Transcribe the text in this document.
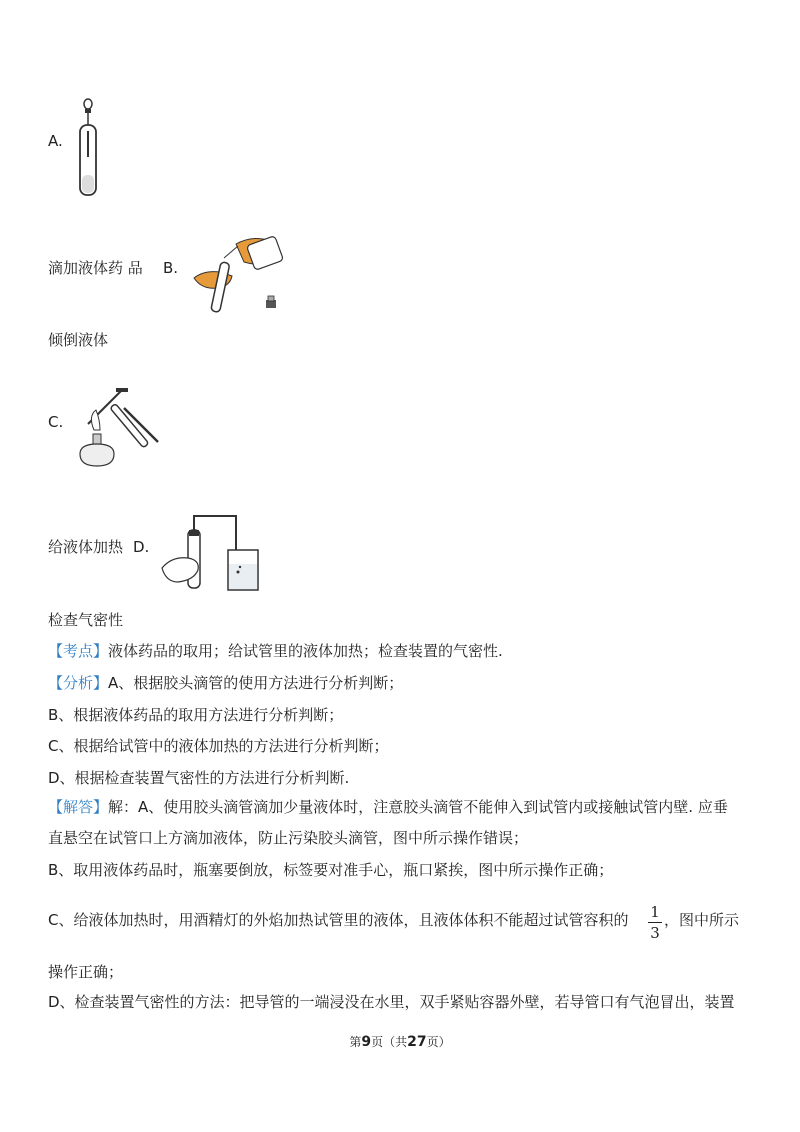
A.
滴加液体药 品 B.
倾倒液体
C.
给液体加热 D.
检查气密性
【考点】液体药品的取用；给试管里的液体加热；检查装置的气密性.
【分析】A、根据胶头滴管的使用方法进行分析判断；
B、根据液体药品的取用方法进行分析判断；
C、根据给试管中的液体加热的方法进行分析判断；
D、根据检查装置气密性的方法进行分析判断.
【解答】解：A、使用胶头滴管滴加少量液体时，注意胶头滴管不能伸入到试管内或接触试管内壁. 应垂
直悬空在试管口上方滴加液体，防止污染胶头滴管，图中所示操作错误；
B、取用液体药品时，瓶塞要倒放，标签要对准手心，瓶口紧挨，图中所示操作正确；
C、给液体加热时，用酒精灯的外焰加热试管里的液体，且液体体积不能超过试管容积的 1
3
，图中所示
操作正确；
D、检查装置气密性的方法：把导管的一端浸没在水里，双手紧贴容器外壁，若导管口有气泡冒出，装置
第9页（共27页）
